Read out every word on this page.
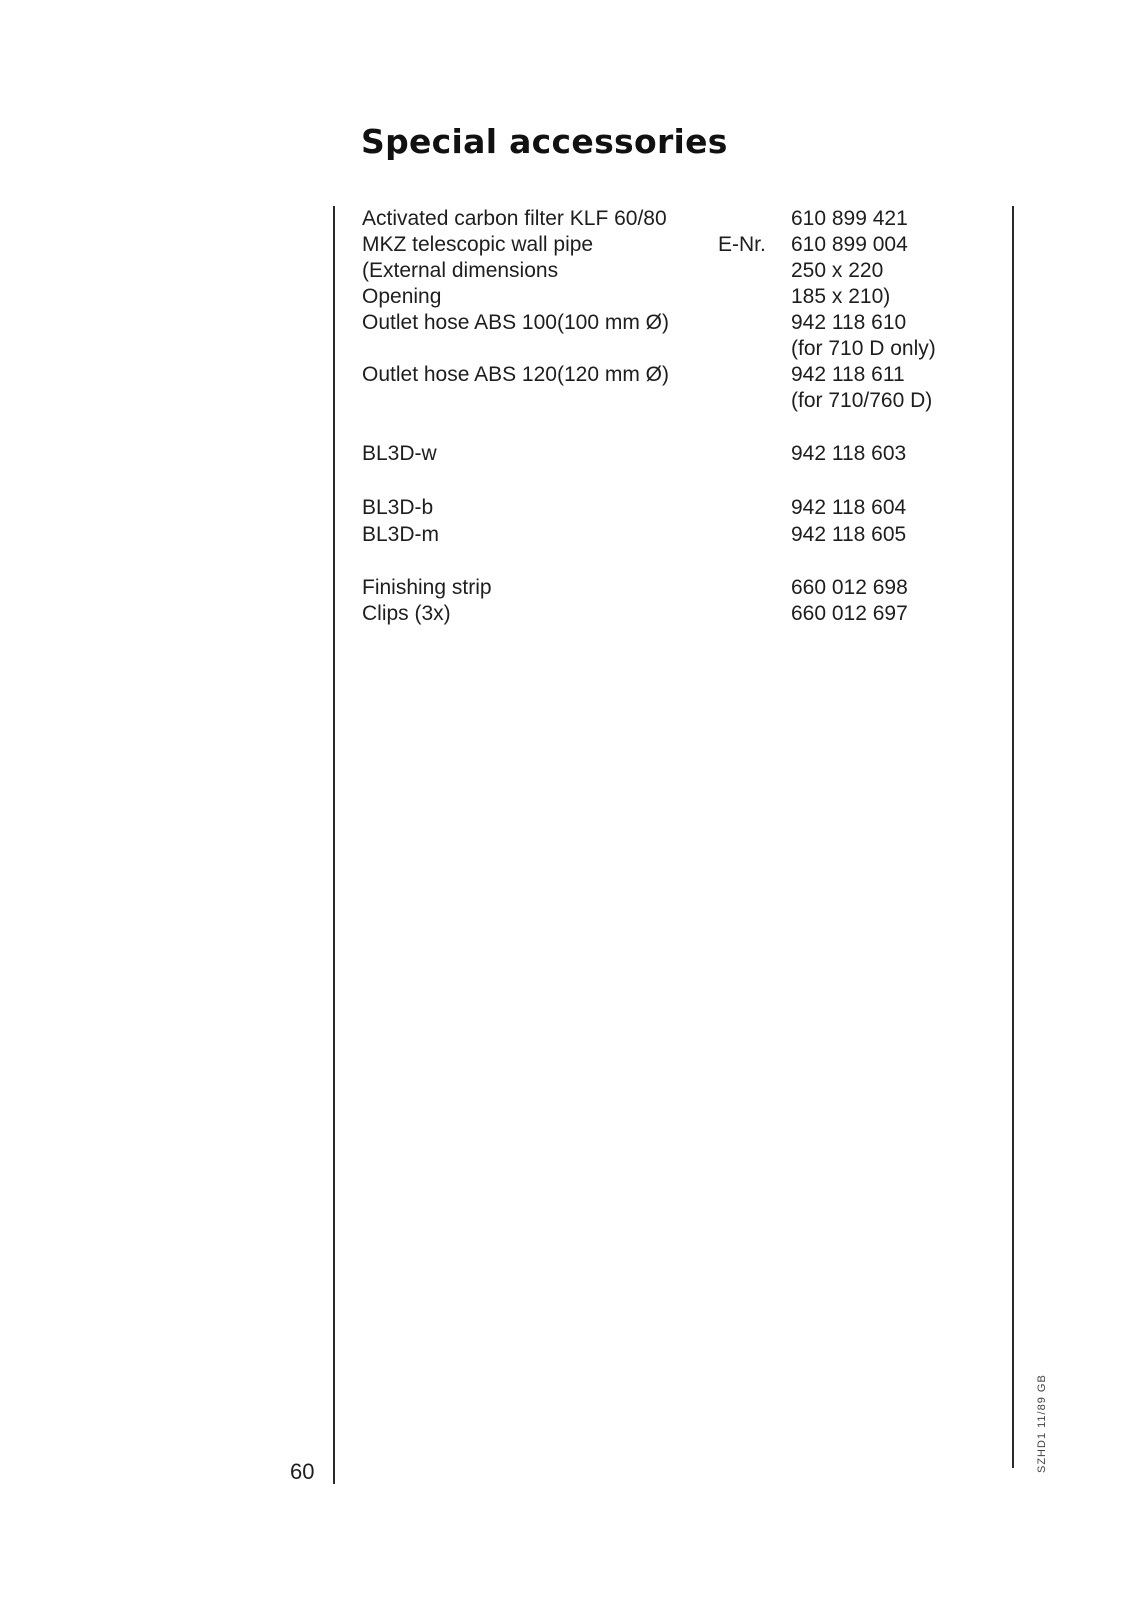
Special accessories
Activated carbon filter KLF 60/80	610 899 421
MKZ telescopic wall pipe	E-Nr. 610 899 004
(External dimensions	250 x 220
Opening	185 x 210)
Outlet hose ABS 100(100 mm Ø)	942 118 610
(for 710 D only)
Outlet hose ABS 120(120 mm Ø)	942 118 611
(for 710/760 D)
BL3D-w	942 118 603
BL3D-b	942 118 604
BL3D-m	942 118 605
Finishing strip	660 012 698
Clips (3x)	660 012 697
60	SZHD1 11/89 GB
